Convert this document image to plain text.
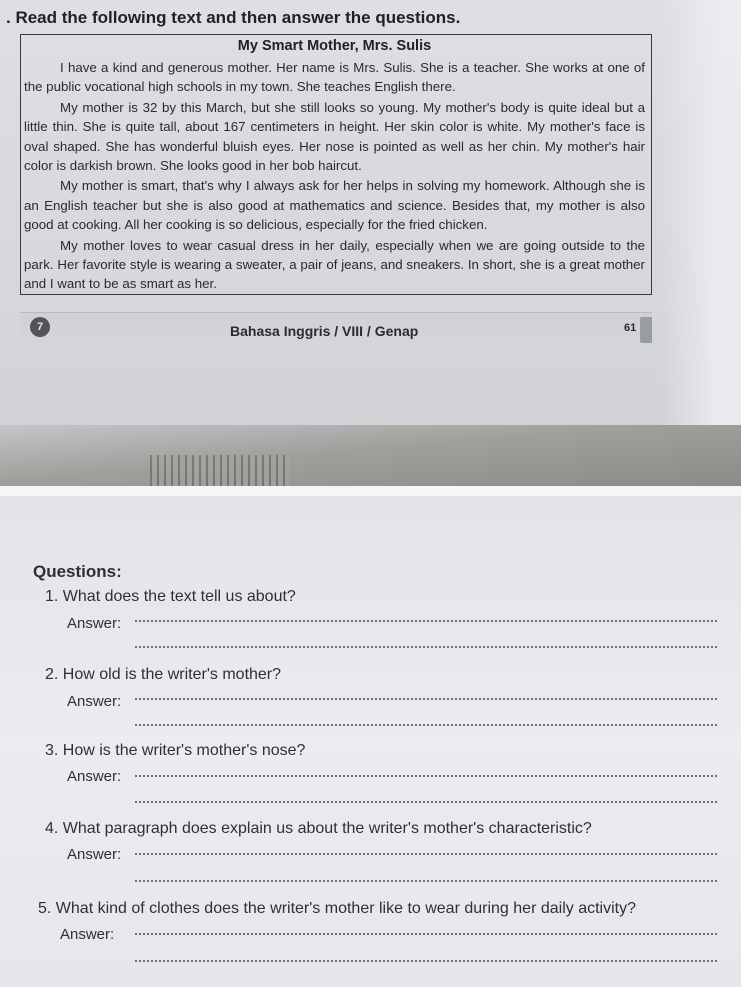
. Read the following text and then answer the questions.

My Smart Mother, Mrs. Sulis

I have a kind and generous mother. Her name is Mrs. Sulis. She is a teacher. She works at one of the public vocational high schools in my town. She teaches English there.

My mother is 32 by this March, but she still looks so young. My mother's body is quite ideal but a little thin. She is quite tall, about 167 centimeters in height. Her skin color is white. My mother's face is oval shaped. She has wonderful bluish eyes. Her nose is pointed as well as her chin. My mother's hair color is darkish brown. She looks good in her bob haircut.

My mother is smart, that's why I always ask for her helps in solving my homework. Although she is an English teacher but she is also good at mathematics and science. Besides that, my mother is also good at cooking. All her cooking is so delicious, especially for the fried chicken.

My mother loves to wear casual dress in her daily, especially when we are going outside to the park. Her favorite style is wearing a sweater, a pair of jeans, and sneakers. In short, she is a great mother and I want to be as smart as her.

7	Bahasa Inggris / VIII / Genap	61

Questions:

1. What does the text tell us about?

Answer:

2. How old is the writer's mother?

Answer:

3. How is the writer's mother's nose?

Answer:

4. What paragraph does explain us about the writer's mother's characteristic?

Answer:

5. What kind of clothes does the writer's mother like to wear during her daily activity?

Answer:
